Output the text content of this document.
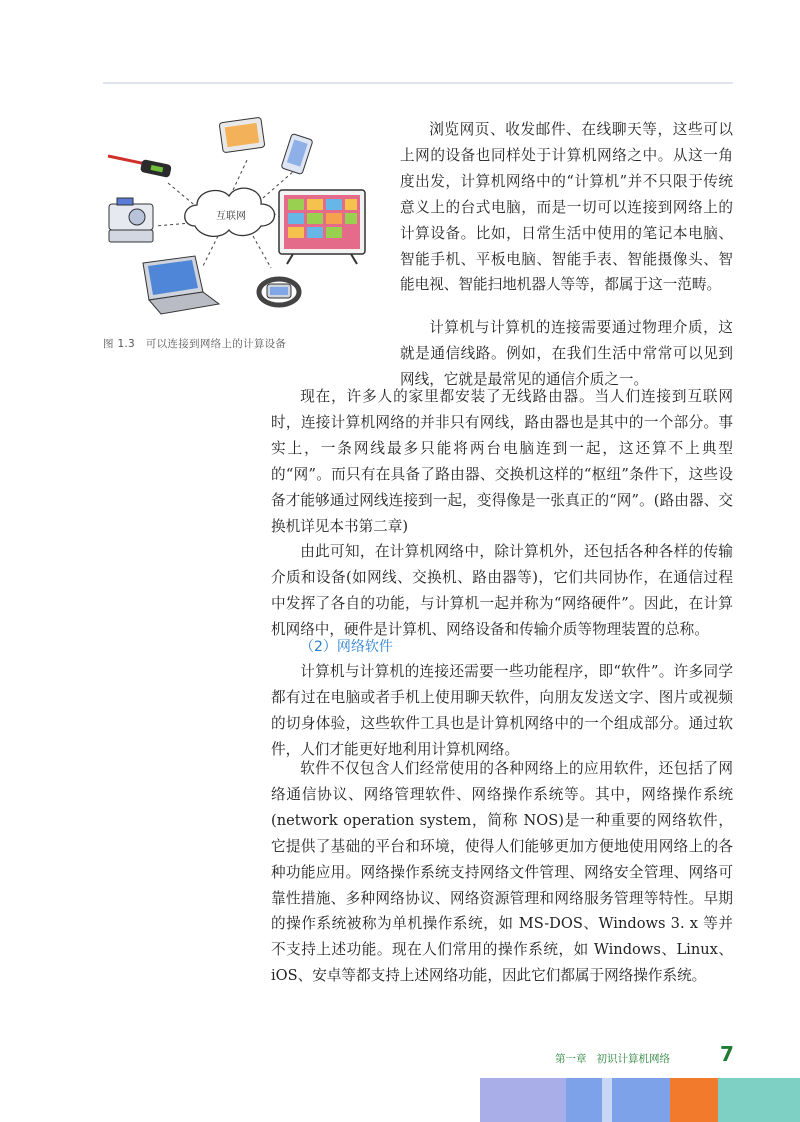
互联网
图 1.3　可以连接到网络上的计算设备

浏览网页、收发邮件、在线聊天等，这些可以上网的设备也同样处于计算机网络之中。从这一角度出发，计算机网络中的“计算机”并不只限于传统意义上的台式电脑，而是一切可以连接到网络上的计算设备。比如，日常生活中使用的笔记本电脑、智能手机、平板电脑、智能手表、智能摄像头、智能电视、智能扫地机器人等等，都属于这一范畴。

计算机与计算机的连接需要通过物理介质，这就是通信线路。例如，在我们生活中常常可以见到网线，它就是最常见的通信介质之一。

现在，许多人的家里都安装了无线路由器。当人们连接到互联网时，连接计算机网络的并非只有网线，路由器也是其中的一个部分。事实上，一条网线最多只能将两台电脑连到一起，这还算不上典型的“网”。而只有在具备了路由器、交换机这样的“枢纽”条件下，这些设备才能够通过网线连接到一起，变得像是一张真正的“网”。(路由器、交换机详见本书第二章)

由此可知，在计算机网络中，除计算机外，还包括各种各样的传输介质和设备(如网线、交换机、路由器等)，它们共同协作，在通信过程中发挥了各自的功能，与计算机一起并称为“网络硬件”。因此，在计算机网络中，硬件是计算机、网络设备和传输介质等物理装置的总称。

（2）网络软件

计算机与计算机的连接还需要一些功能程序，即“软件”。许多同学都有过在电脑或者手机上使用聊天软件，向朋友发送文字、图片或视频的切身体验，这些软件工具也是计算机网络中的一个组成部分。通过软件，人们才能更好地利用计算机网络。

软件不仅包含人们经常使用的各种网络上的应用软件，还包括了网络通信协议、网络管理软件、网络操作系统等。其中，网络操作系统(network operation system，简称 NOS)是一种重要的网络软件，它提供了基础的平台和环境，使得人们能够更加方便地使用网络上的各种功能应用。网络操作系统支持网络文件管理、网络安全管理、网络可靠性措施、多种网络协议、网络资源管理和网络服务管理等特性。早期的操作系统被称为单机操作系统，如 MS-DOS、Windows 3. x 等并不支持上述功能。现在人们常用的操作系统，如 Windows、Linux、iOS、安卓等都支持上述网络功能，因此它们都属于网络操作系统。

第一章 初识计算机网络	7
